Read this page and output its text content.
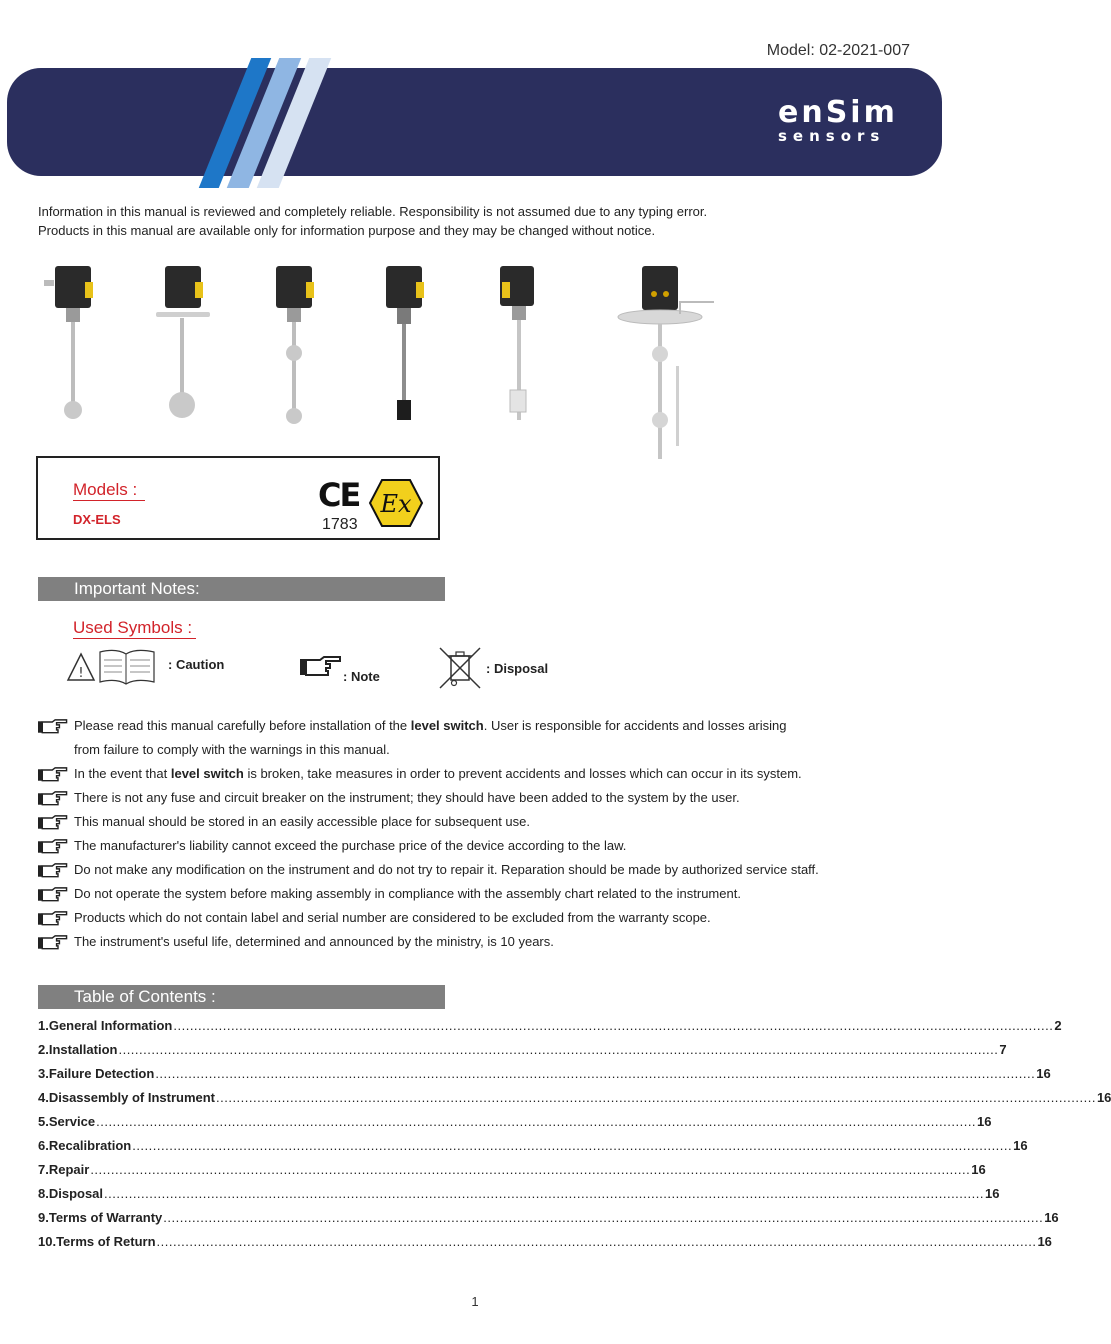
Model: 02-2021-007
enSim
sensors
Information in this manual is reviewed and completely reliable. Responsibility is not assumed due to any typing error.
Products in this manual are available only for information purpose and they may be changed without notice.
Models :
DX-ELS
CE Ex
1783
Important Notes:
Used Symbols :
!
: Caution
: Note
: Disposal
Please read this manual carefully before installation of the level switch. User is responsible for accidents and losses arising
from failure to comply with the warnings in this manual.
In the event that level switch is broken, take measures in order to prevent accidents and losses which can occur in its system.
There is not any fuse and circuit breaker on the instrument; they should have been added to the system by the user.
This manual should be stored in an easily accessible place for subsequent use.
The manufacturer's liability cannot exceed the purchase price of the device according to the law.
Do not make any modification on the instrument and do not try to repair it. Reparation should be made by authorized service staff.
Do not operate the system before making assembly in compliance with the assembly chart related to the instrument.
Products which do not contain label and serial number are considered to be excluded from the warranty scope.
The instrument's useful life, determined and announced by the ministry, is 10 years.
Table of Contents :
1. General Information ...................................................................................................................................................................................................................... 2
2. Installation ...................................................................................................................................................................................................................... 7
3. Failure Detection ...................................................................................................................................................................................................................... 16
4. Disassembly of Instrument ...................................................................................................................................................................................................................... 16
5. Service ...................................................................................................................................................................................................................... 16
6. Recalibration ...................................................................................................................................................................................................................... 16
7. Repair ...................................................................................................................................................................................................................... 16
8. Disposal ...................................................................................................................................................................................................................... 16
9. Terms of Warranty ...................................................................................................................................................................................................................... 16
10. Terms of Return ...................................................................................................................................................................................................................... 16
1
